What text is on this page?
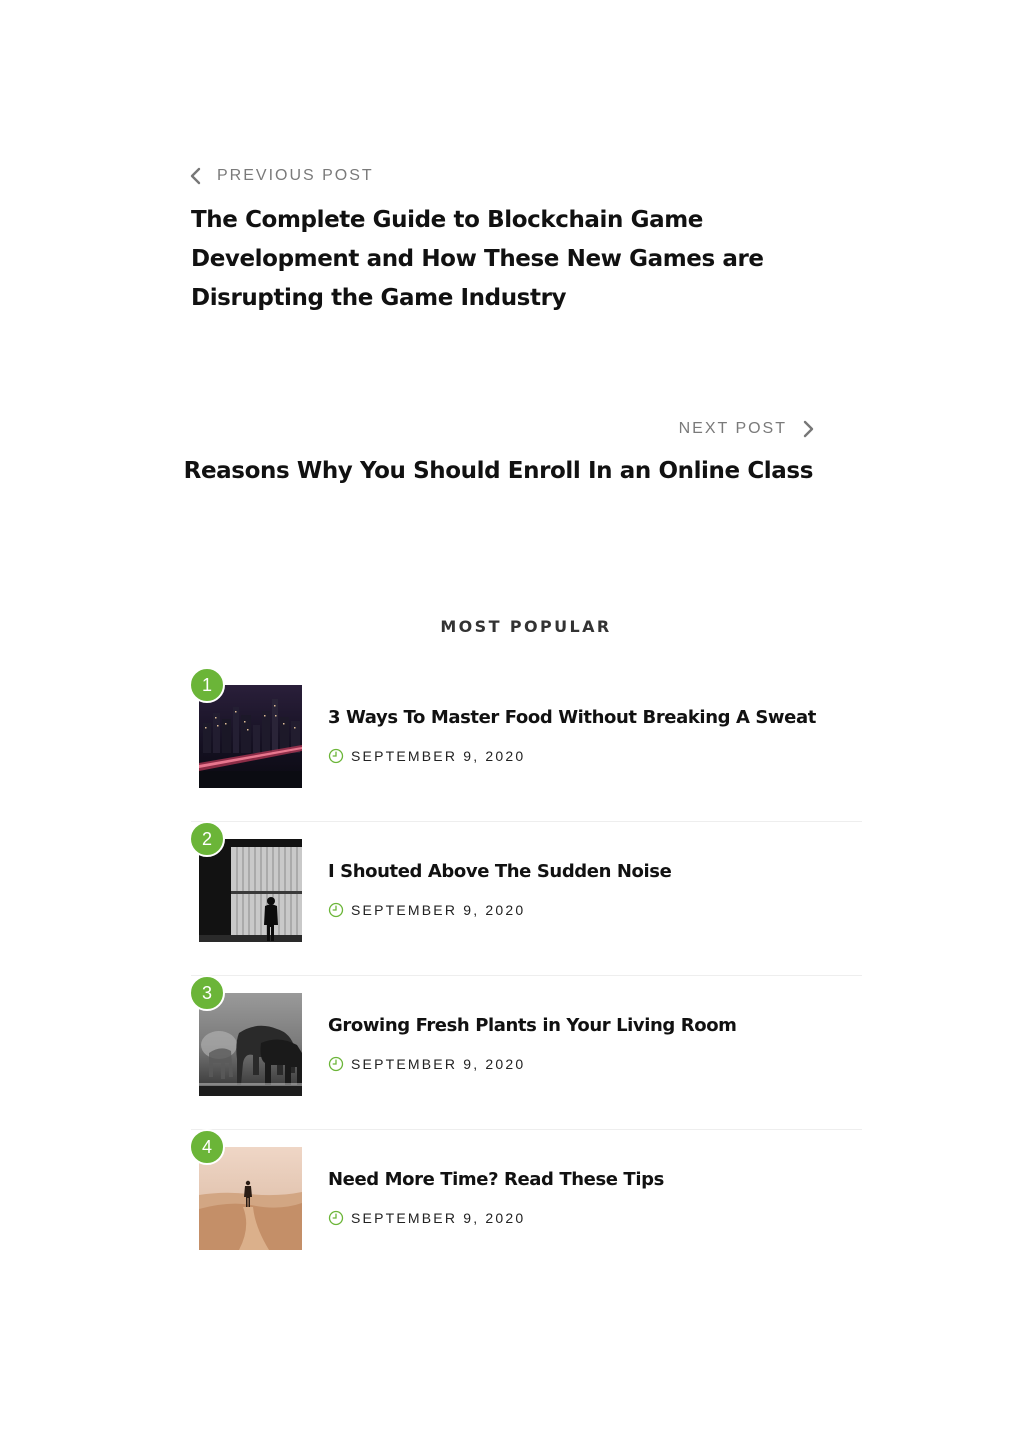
PREVIOUS POST
The Complete Guide to Blockchain Game Development and How These New Games are Disrupting the Game Industry
NEXT POST
Reasons Why You Should Enroll In an Online Class
MOST POPULAR
1
3 Ways To Master Food Without Breaking A Sweat
SEPTEMBER 9, 2020
2
I Shouted Above The Sudden Noise
SEPTEMBER 9, 2020
3
Growing Fresh Plants in Your Living Room
SEPTEMBER 9, 2020
4
Need More Time? Read These Tips
SEPTEMBER 9, 2020
